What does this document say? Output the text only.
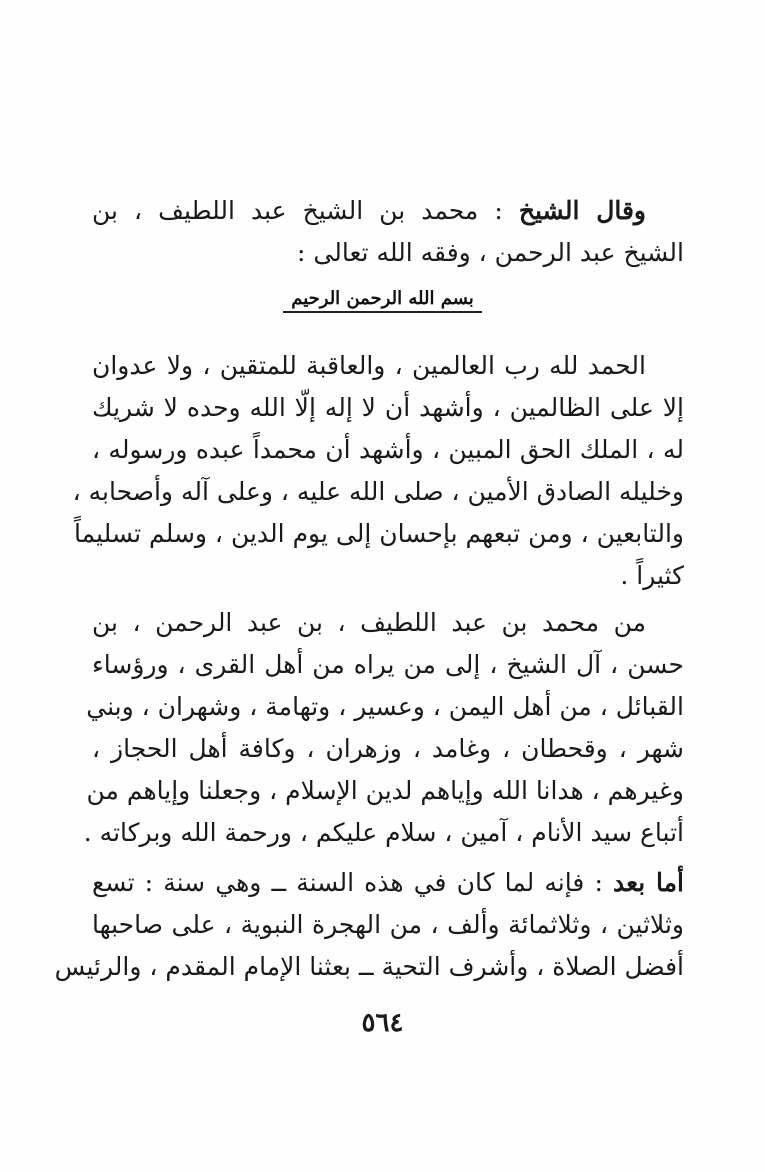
وقال الشيخ : محمد بن الشيخ عبد اللطيف ، بن
الشيخ عبد الرحمن ، وفقه الله تعالى :
بسم الله الرحمن الرحيم
الحمد لله رب العالمين ، والعاقبة للمتقين ، ولا عدوان
إلا على الظالمين ، وأشهد أن لا إله إلّا الله وحده لا شريك
له ، الملك الحق المبين ، وأشهد أن محمداً عبده ورسوله ،
وخليله الصادق الأمين ، صلى الله عليه ، وعلى آله وأصحابه ،
والتابعين ، ومن تبعهم بإحسان إلى يوم الدين ، وسلم تسليماً
كثيراً .
من محمد بن عبد اللطيف ، بن عبد الرحمن ، بن
حسن ، آل الشيخ ، إلى من يراه من أهل القرى ، ورؤساء
القبائل ، من أهل اليمن ، وعسير ، وتهامة ، وشهران ، وبني
شهر ، وقحطان ، وغامد ، وزهران ، وكافة أهل الحجاز ،
وغيرهم ، هدانا الله وإياهم لدين الإسلام ، وجعلنا وإياهم من
أتباع سيد الأنام ، آمين ، سلام عليكم ، ورحمة الله وبركاته .
أما بعد : فإنه لما كان في هذه السنة ــ وهي سنة : تسع
وثلاثين ، وثلاثمائة وألف ، من الهجرة النبوية ، على صاحبها
أفضل الصلاة ، وأشرف التحية ــ بعثنا الإمام المقدم ، والرئيس
٥٦٤
